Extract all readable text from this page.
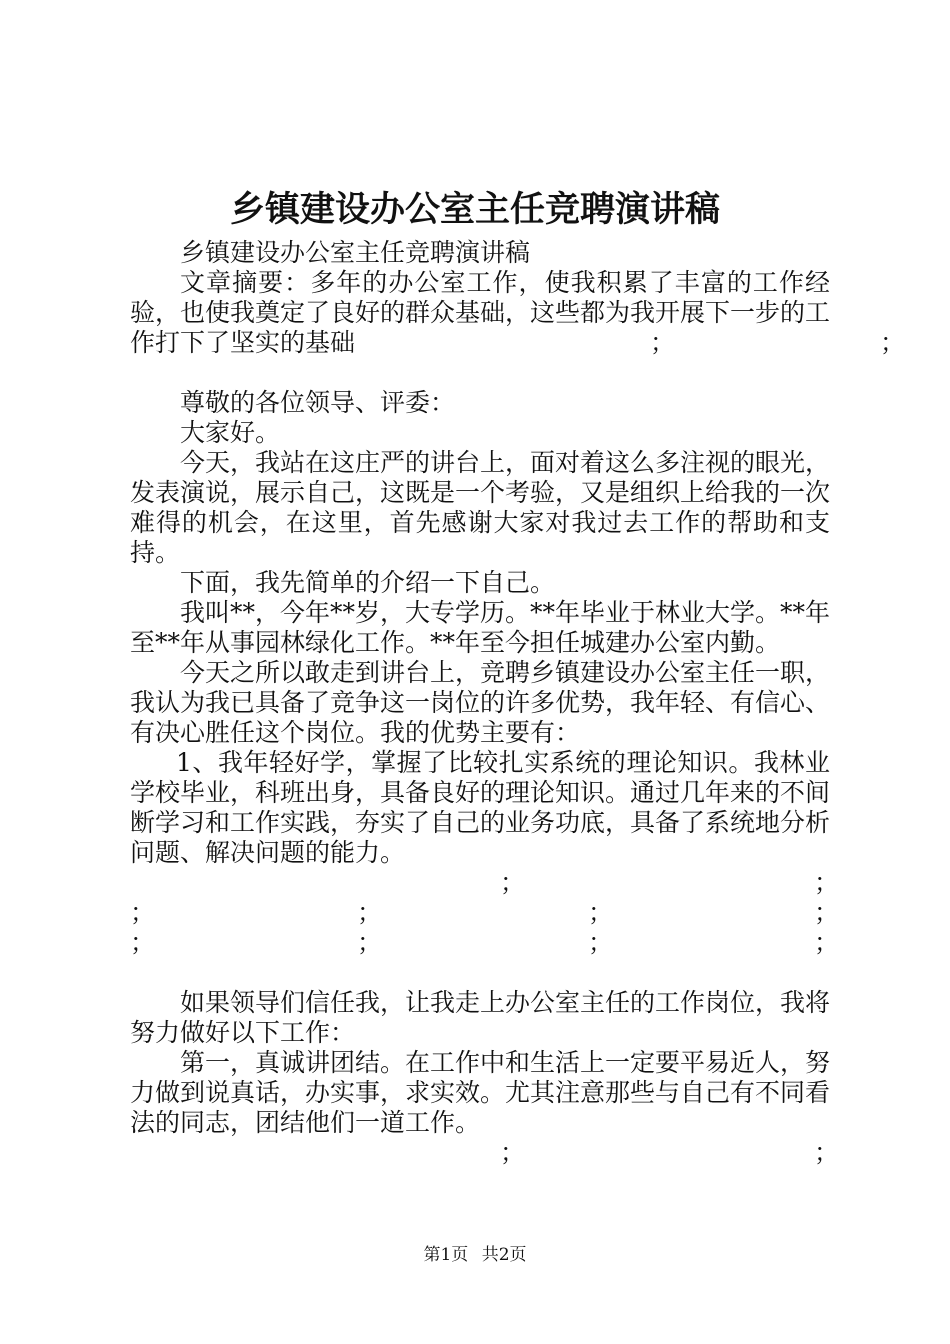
乡镇建设办公室主任竞聘演讲稿

乡镇建设办公室主任竞聘演讲稿

文章摘要：多年的办公室工作，使我积累了丰富的工作经验，也使我奠定了良好的群众基础，这些都为我开展下一步的工作打下了坚实的基础	；	；

尊敬的各位领导、评委：

大家好。

今天，我站在这庄严的讲台上，面对着这么多注视的眼光，发表演说，展示自己，这既是一个考验，又是组织上给我的一次难得的机会，在这里，首先感谢大家对我过去工作的帮助和支持。

下面，我先简单的介绍一下自己。

我叫**，今年**岁，大专学历。**年毕业于林业大学。**年至**年从事园林绿化工作。**年至今担任城建办公室内勤。

今天之所以敢走到讲台上，竞聘乡镇建设办公室主任一职，我认为我已具备了竞争这一岗位的许多优势，我年轻、有信心、有决心胜任这个岗位。我的优势主要有：

1、我年轻好学，掌握了比较扎实系统的理论知识。我林业学校毕业，科班出身，具备良好的理论知识。通过几年来的不间断学习和工作实践，夯实了自己的业务功底，具备了系统地分析问题、解决问题的能力。

；	；
；	；	；	；
；	；	；	；

如果领导们信任我，让我走上办公室主任的工作岗位，我将努力做好以下工作：

第一，真诚讲团结。在工作中和生活上一定要平易近人，努力做到说真话，办实事，求实效。尤其注意那些与自己有不同看法的同志，团结他们一道工作。

；	；
第1页 共2页
